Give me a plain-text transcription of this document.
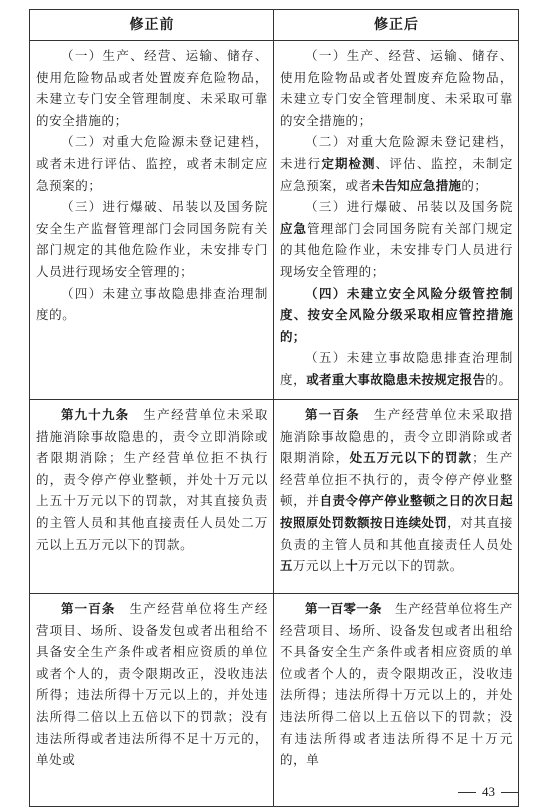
修正前	修正后

（一）生产、经营、运输、储存、使用危险物品或者处置废弃危险物品，未建立专门安全管理制度、未采取可靠的安全措施的；

（二）对重大危险源未登记建档，或者未进行评估、监控，或者未制定应急预案的；

（三）进行爆破、吊装以及国务院安全生产监督管理部门会同国务院有关部门规定的其他危险作业，未安排专门人员进行现场安全管理的；

（四）未建立事故隐患排查治理制度的。

（一）生产、经营、运输、储存、使用危险物品或者处置废弃危险物品，未建立专门安全管理制度、未采取可靠的安全措施的；

（二）对重大危险源未登记建档，未进行定期检测、评估、监控，未制定应急预案，或者未告知应急措施的；

（三）进行爆破、吊装以及国务院应急管理部门会同国务院有关部门规定的其他危险作业，未安排专门人员进行现场安全管理的；

（四）未建立安全风险分级管控制度、按安全风险分级采取相应管控措施的；

（五）未建立事故隐患排查治理制度，或者重大事故隐患未按规定报告的。

第九十九条　生产经营单位未采取措施消除事故隐患的，责令立即消除或者限期消除；生产经营单位拒不执行的，责令停产停业整顿，并处十万元以上五十万元以下的罚款，对其直接负责的主管人员和其他直接责任人员处二万元以上五万元以下的罚款。

第一百条　生产经营单位未采取措施消除事故隐患的，责令立即消除或者限期消除，处五万元以下的罚款；生产经营单位拒不执行的，责令停产停业整顿，并自责令停产停业整顿之日的次日起按照原处罚数额按日连续处罚，对其直接负责的主管人员和其他直接责任人员处五万元以上十万元以下的罚款。

第一百条　生产经营单位将生产经营项目、场所、设备发包或者出租给不具备安全生产条件或者相应资质的单位或者个人的，责令限期改正，没收违法所得；违法所得十万元以上的，并处违法所得二倍以上五倍以下的罚款；没有违法所得或者违法所得不足十万元的，单处或

第一百零一条　生产经营单位将生产经营项目、场所、设备发包或者出租给不具备安全生产条件或者相应资质的单位或者个人的，责令限期改正，没收违法所得；违法所得十万元以上的，并处违法所得二倍以上五倍以下的罚款；没有违法所得或者违法所得不足十万元的，单

43
